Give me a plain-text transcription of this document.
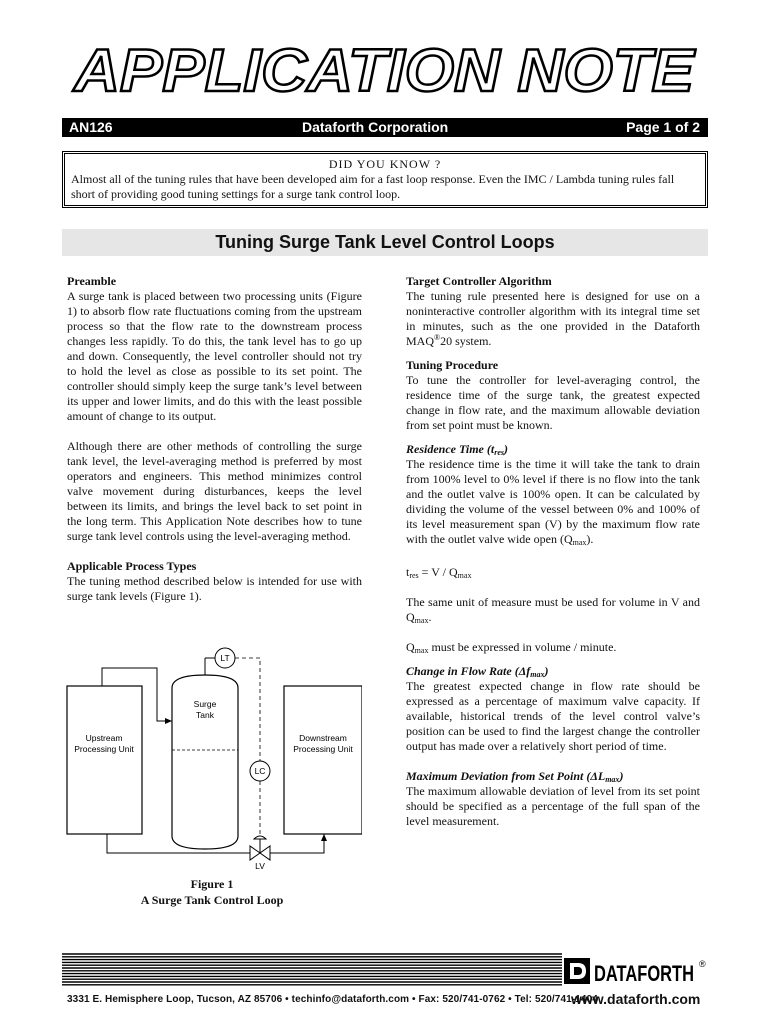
APPLICATION NOTE
AN126	Dataforth Corporation	Page 1 of 2
DID YOU KNOW ?
Almost all of the tuning rules that have been developed aim for a fast loop response. Even the IMC / Lambda tuning rules fall short of providing good tuning settings for a surge tank control loop.
Tuning Surge Tank Level Control Loops
Preamble

A surge tank is placed between two processing units (Figure 1) to absorb flow rate fluctuations coming from the upstream process so that the flow rate to the downstream process changes less rapidly. To do this, the tank level has to go up and down. Consequently, the level controller should not try to hold the level as close as possible to its set point. The controller should simply keep the surge tank’s level between its upper and lower limits, and do this with the least possible amount of change to its output.

Although there are other methods of controlling the surge tank level, the level-averaging method is preferred by most operators and engineers. This method minimizes control valve movement during disturbances, keeps the level between its limits, and brings the level back to set point in the long term. This Application Note describes how to tune surge tank level controls using the level-averaging method.

Applicable Process Types

The tuning method described below is intended for use with surge tank levels (Figure 1).

Upstream
Processing Unit
Downstream
Processing Unit
Surge
Tank
LT
LC
LV
Figure 1
A Surge Tank Control Loop
Target Controller Algorithm

The tuning rule presented here is designed for use on a noninteractive controller algorithm with its integral time set in minutes, such as the one provided in the Dataforth MAQ®20 system.

Tuning Procedure

To tune the controller for level-averaging control, the residence time of the surge tank, the greatest expected change in flow rate, and the maximum allowable deviation from set point must be known.

Residence Time $(t_{res})$

The residence time is the time it will take the tank to drain from 100% level to 0% level if there is no flow into the tank and the outlet valve is 100% open. It can be calculated by dividing the volume of the vessel between 0% and 100% of its level measurement span (V) by the maximum flow rate with the outlet valve wide open $(Q_{max})$.

$t_{res} = V / Q_{max}$

The same unit of measure must be used for volume in V and $Q_{max}$.

$Q_{max}$ must be expressed in volume / minute.

Change in Flow Rate $(\Delta f_{max})$

The greatest expected change in flow rate should be expressed as a percentage of maximum valve capacity. If available, historical trends of the level control valve’s position can be used to find the largest change the controller output has made over a relatively short period of time.

Maximum Deviation from Set Point $(\Delta L_{max})$

The maximum allowable deviation of level from its set point should be specified as a percentage of the full span of the level measurement.

DATAFORTH ®
3331 E. Hemisphere Loop, Tucson, AZ 85706 • techinfo@dataforth.com • Fax: 520/741-0762 • Tel: 520/741-1404
www.dataforth.com
